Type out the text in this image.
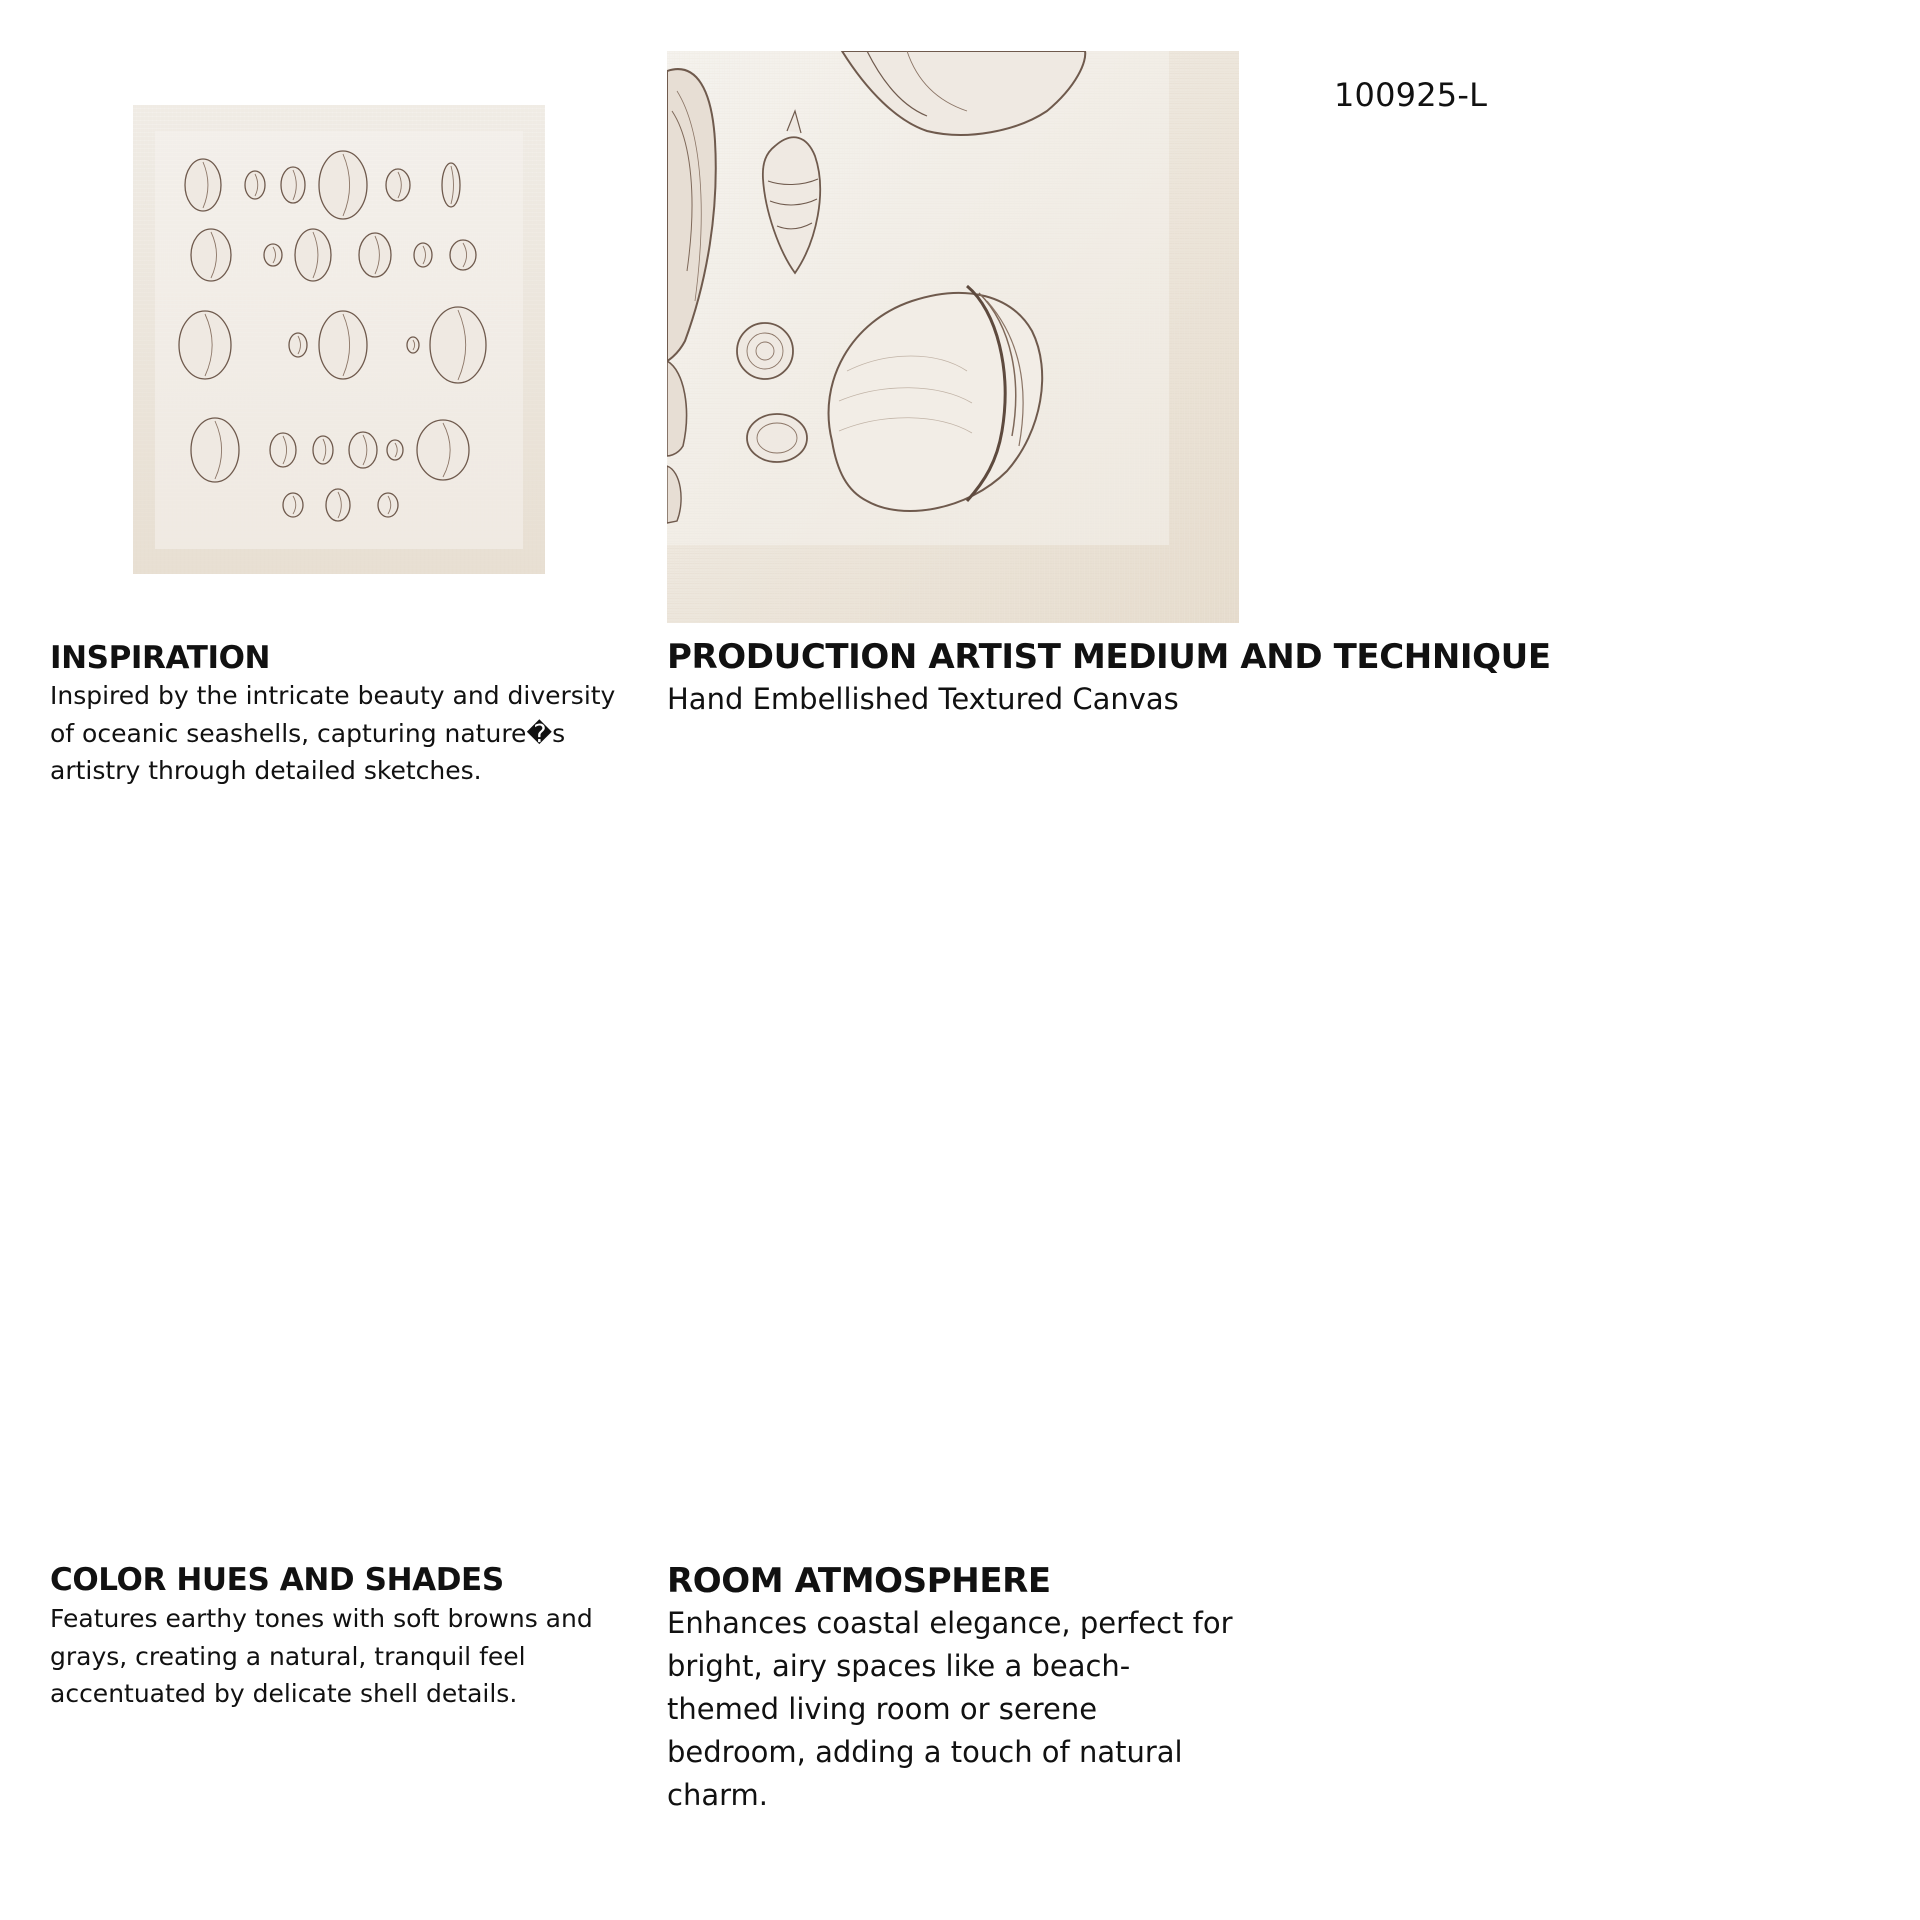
100925-L
INSPIRATION
Inspired by the intricate beauty and diversity of oceanic seashells, capturing nature�s artistry through detailed sketches.
PRODUCTION ARTIST MEDIUM AND TECHNIQUE
Hand Embellished Textured Canvas
COLOR HUES AND SHADES
Features earthy tones with soft browns and grays, creating a natural, tranquil feel accentuated by delicate shell details.
ROOM ATMOSPHERE
Enhances coastal elegance, perfect for bright, airy spaces like a beach-themed living room or serene bedroom, adding a touch of natural charm.
